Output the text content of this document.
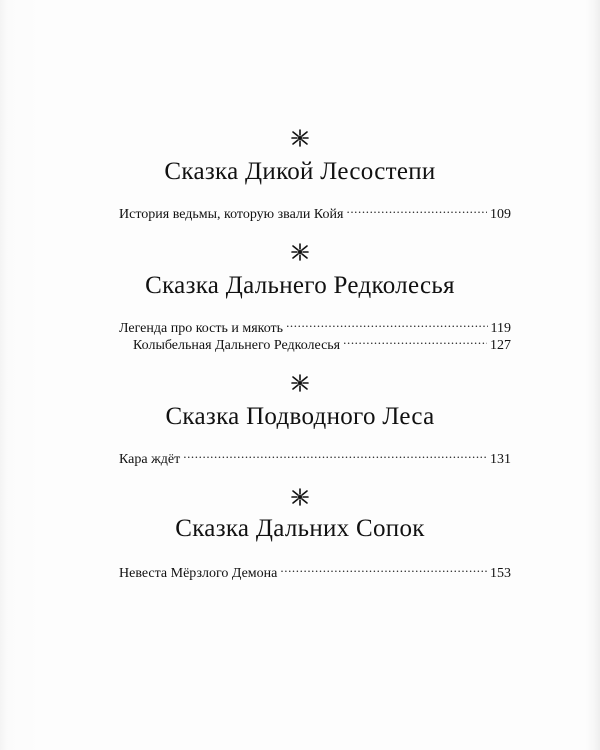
Сказка Дикой Лесостепи
История ведьмы, которую звали Койя .....	109
Сказка Дальнего Редколесья
Легенда про кость и мякоть .....	119
Колыбельная Дальнего Редколесья .....	127
Сказка Подводного Леса
Кара ждёт .....	131
Сказка Дальних Сопок
Невеста Мёрзлого Демона .....	153
